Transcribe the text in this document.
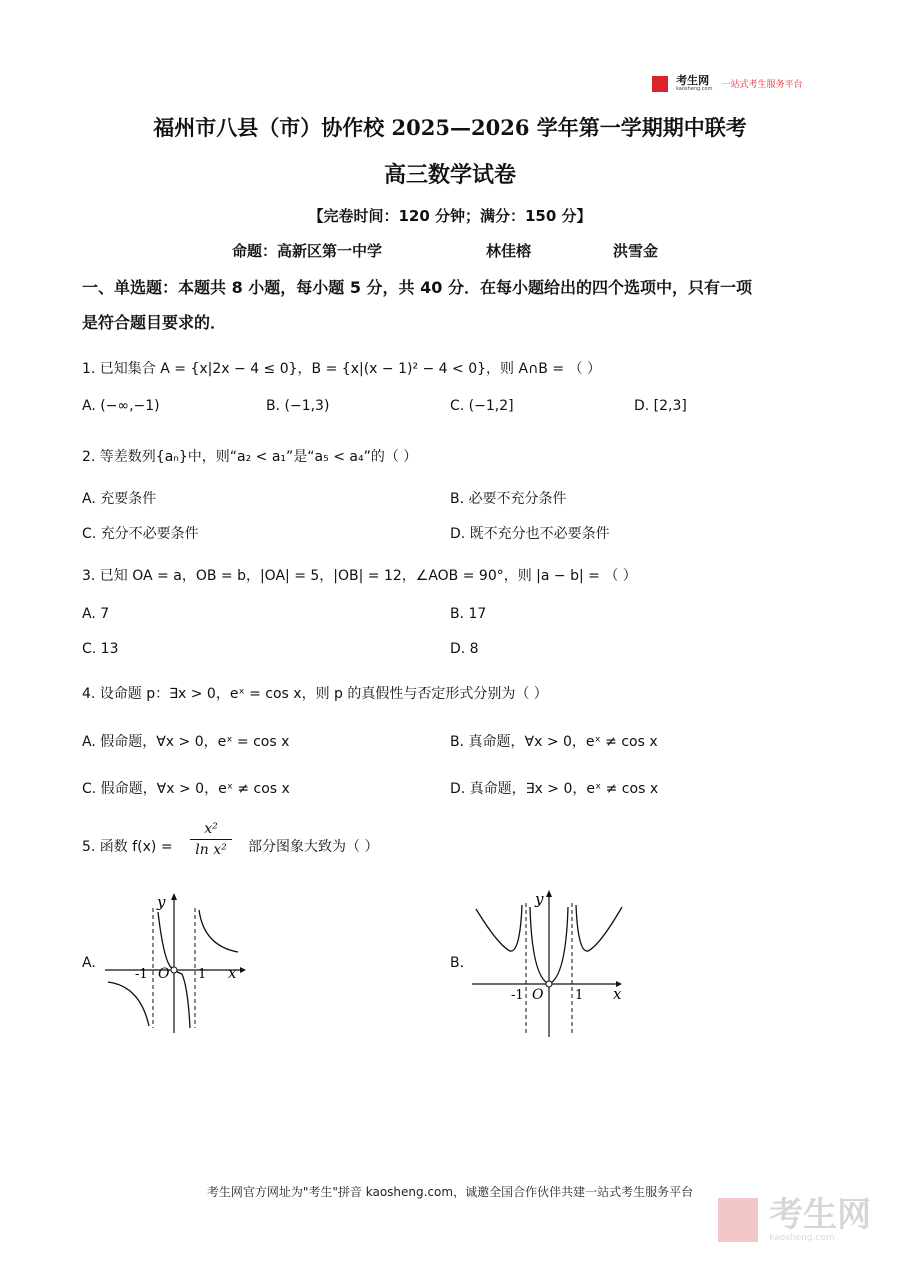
考生网
kaosheng.com 一站式考生服务平台
福州市八县（市）协作校 2025—2026 学年第一学期期中联考
高三数学试卷
【完卷时间：120 分钟；满分：150 分】
命题：高新区第一中学	林佳榕	洪雪金
一、单选题：本题共 8 小题，每小题 5 分，共 40 分．在每小题给出的四个选项中，只有一项
是符合题目要求的．
1. 已知集合 A = {x|2x − 4 ≤ 0}，B = {x|(x − 1)² − 4 < 0}，则 A∩B = （ ）
A. (−∞,−1)	B. (−1,3)	C. (−1,2]	D. [2,3]
2. 等差数列{aₙ}中，则“a₂ < a₁”是“a₅ < a₄”的（ ）
A. 充要条件	B. 必要不充分条件
C. 充分不必要条件	D. 既不充分也不必要条件
3. 已知 OA = a，OB = b，|OA| = 5，|OB| = 12，∠AOB = 90°，则 |a − b| = （ ）
A. 7	B. 17
C. 13	D. 8
4. 设命题 p：∃x > 0，eˣ = cos x，则 p 的真假性与否定形式分别为（ ）
A. 假命题，∀x > 0，eˣ = cos x	B. 真命题，∀x > 0，eˣ ≠ cos x
C. 假命题，∀x > 0，eˣ ≠ cos x	D. 真命题，∃x > 0，eˣ ≠ cos x
5. 函数 f(x) =
x²
ln x²	部分图象大致为（ ）
A.	B.
y
x
O
-1	1
y
x
O
-1	1
考生网官方网址为"考生"拼音 kaosheng.com，诚邀全国合作伙伴共建一站式考生服务平台

考生网
kaosheng.com
